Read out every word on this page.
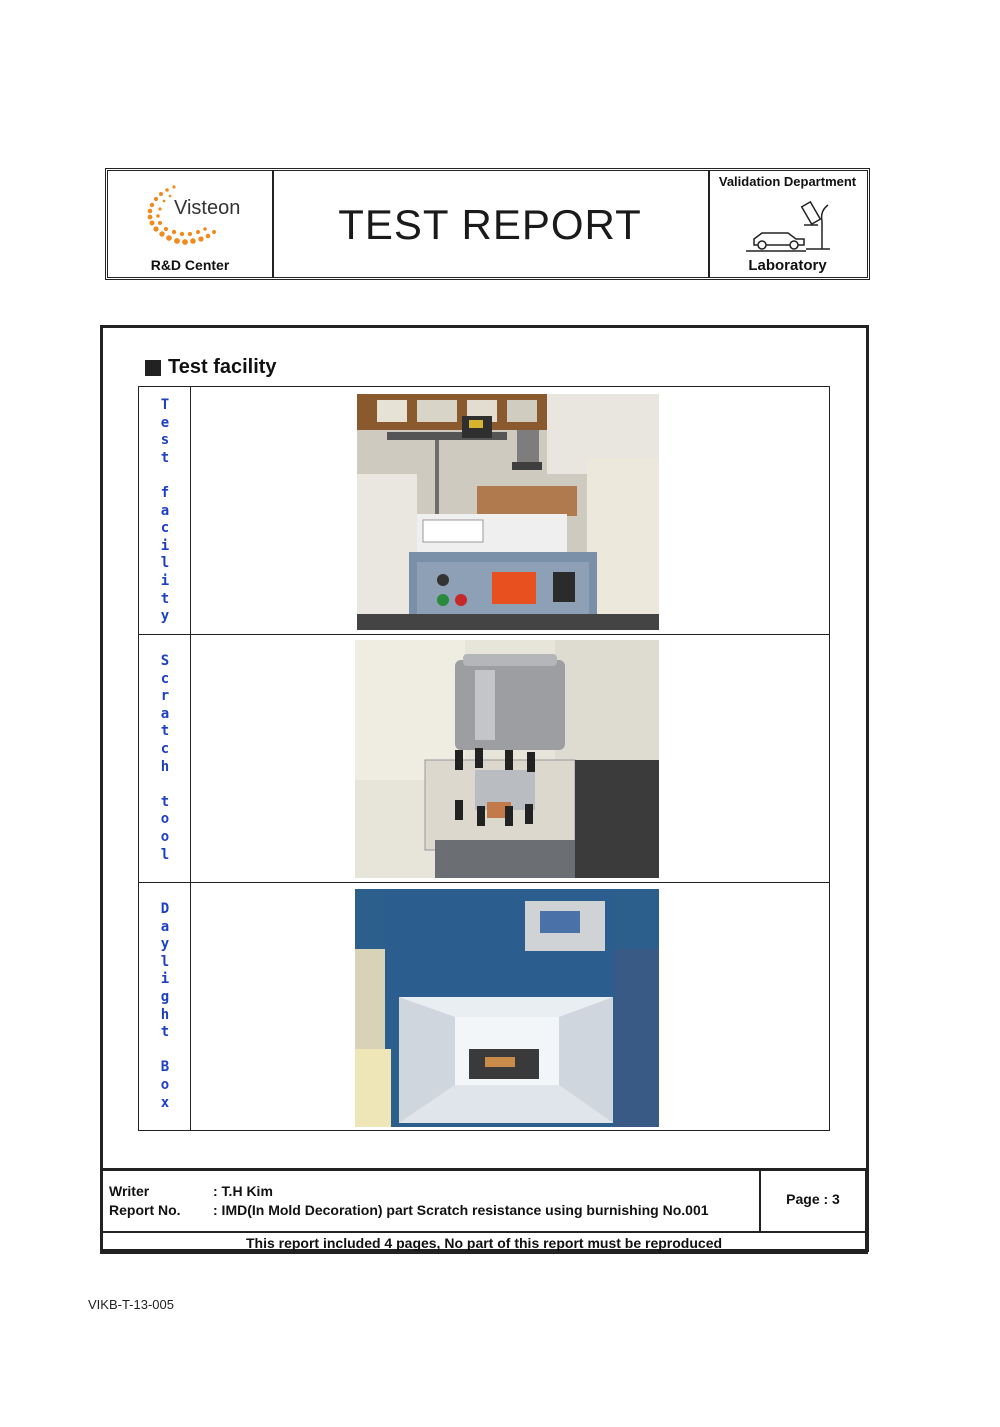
Visteon
R&D Center
TEST REPORT
Validation Department
Laboratory
Test facility
T
e
s
t

f
a
c
i
l
i
t
y
S
c
r
a
t
c
h

t
o
o
l
D
a
y
l
i
g
h
t

B
o
x
Writer	: T.H Kim
Report No. : IMD(In Mold Decoration) part Scratch resistance using burnishing No.001
Page : 3
This report included 4 pages, No part of this report must be reproduced
VIKB-T-13-005
